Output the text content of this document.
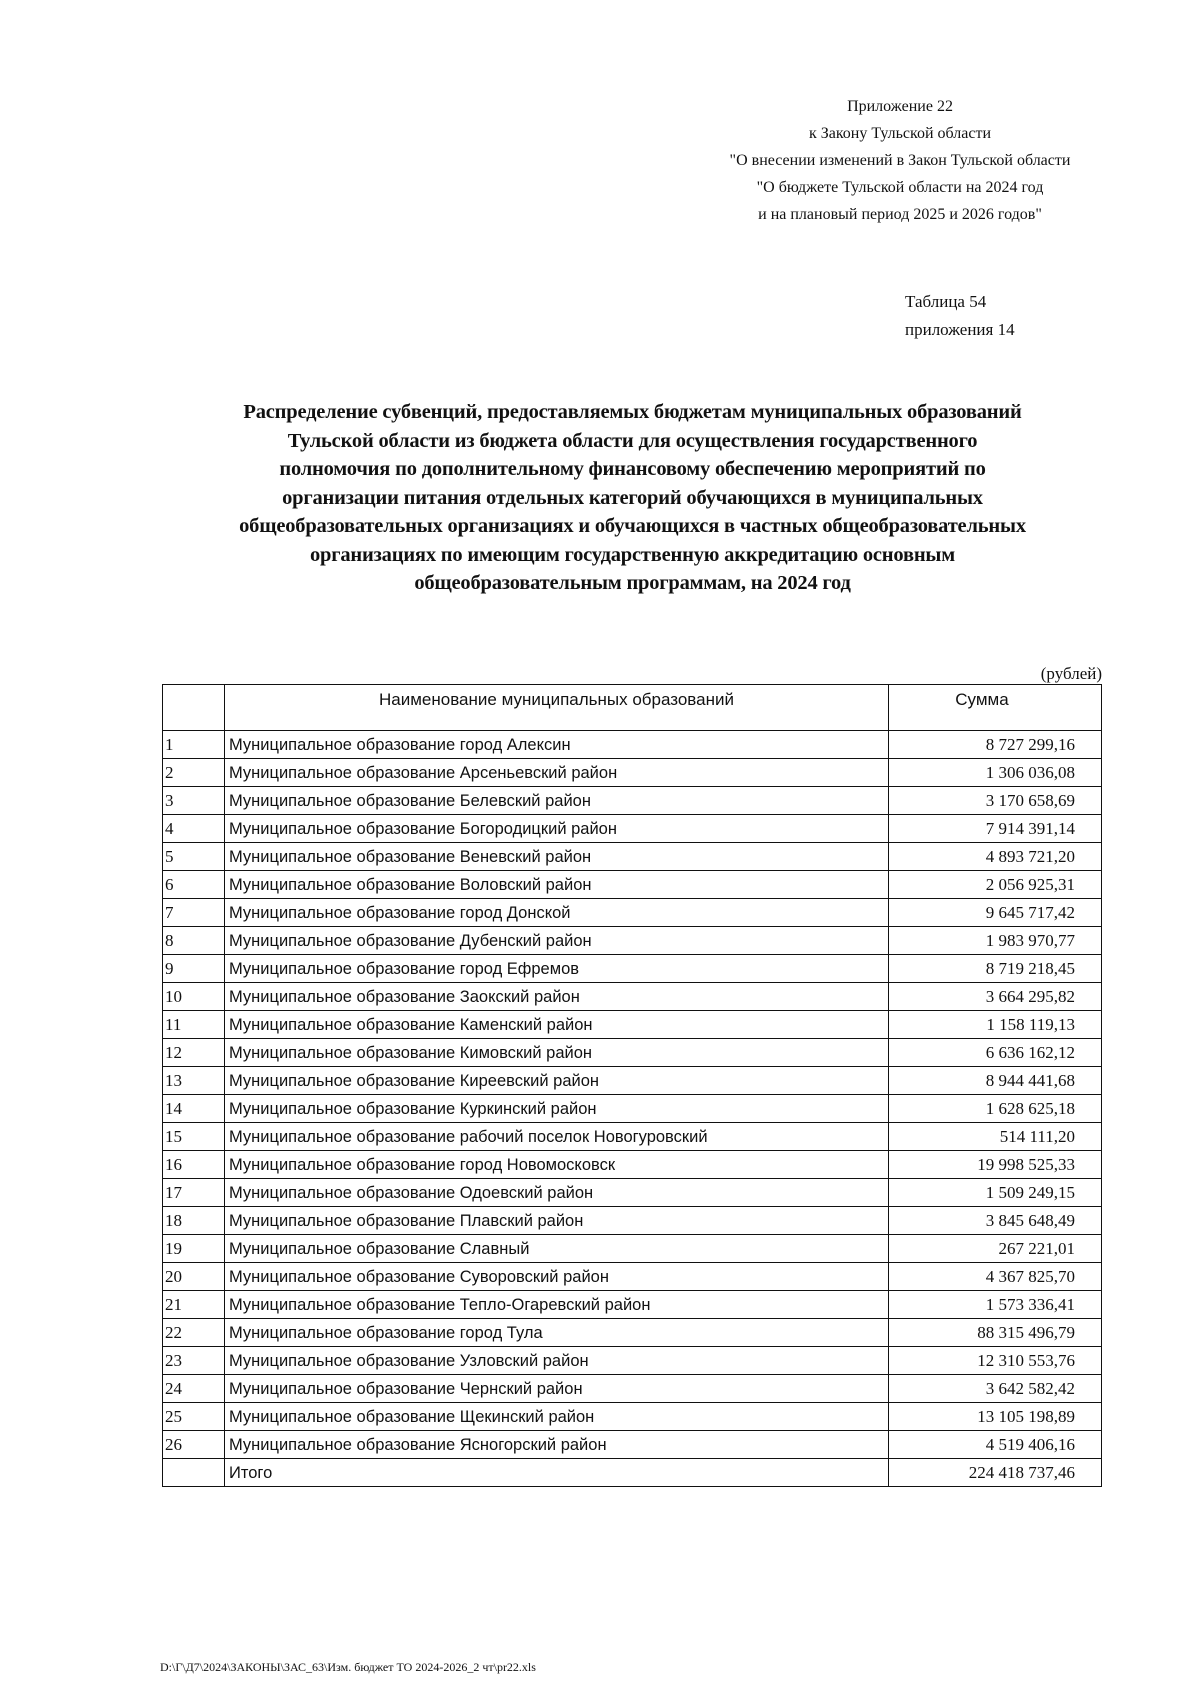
Приложение 22
к Закону Тульской области
"О внесении изменений в Закон Тульской области
"О бюджете Тульской области на 2024 год
и на плановый период 2025 и 2026 годов"
Таблица 54
приложения 14
Распределение субвенций, предоставляемых бюджетам муниципальных образований
Тульской области из бюджета области для осуществления государственного
полномочия по дополнительному финансовому обеспечению мероприятий по
организации питания отдельных категорий обучающихся в муниципальных
общеобразовательных организациях и обучающихся в частных общеобразовательных
организациях по имеющим государственную аккредитацию основным
общеобразовательным программам, на 2024 год
(рублей)
	Наименование муниципальных образований	Сумма
1	Муниципальное образование город Алексин	8 727 299,16
2	Муниципальное образование Арсеньевский район	1 306 036,08
3	Муниципальное образование Белевский район	3 170 658,69
4	Муниципальное образование Богородицкий район	7 914 391,14
5	Муниципальное образование Веневский район	4 893 721,20
6	Муниципальное образование Воловский район	2 056 925,31
7	Муниципальное образование город Донской	9 645 717,42
8	Муниципальное образование Дубенский район	1 983 970,77
9	Муниципальное образование город Ефремов	8 719 218,45
10	Муниципальное образование Заокский район	3 664 295,82
11	Муниципальное образование Каменский район	1 158 119,13
12	Муниципальное образование Кимовский район	6 636 162,12
13	Муниципальное образование Киреевский район	8 944 441,68
14	Муниципальное образование Куркинский район	1 628 625,18
15	Муниципальное образование рабочий поселок Новогуровский	514 111,20
16	Муниципальное образование город Новомосковск	19 998 525,33
17	Муниципальное образование Одоевский район	1 509 249,15
18	Муниципальное образование Плавский район	3 845 648,49
19	Муниципальное образование Славный	267 221,01
20	Муниципальное образование Суворовский район	4 367 825,70
21	Муниципальное образование Тепло-Огаревский район	1 573 336,41
22	Муниципальное образование город Тула	88 315 496,79
23	Муниципальное образование Узловский район	12 310 553,76
24	Муниципальное образование Чернский район	3 642 582,42
25	Муниципальное образование Щекинский район	13 105 198,89
26	Муниципальное образование Ясногорский район	4 519 406,16
	Итого	224 418 737,46
D:\Г\Д7\2024\ЗАКОНЫ\ЗАС_63\Изм. бюджет ТО 2024-2026_2 чт\pr22.xls
